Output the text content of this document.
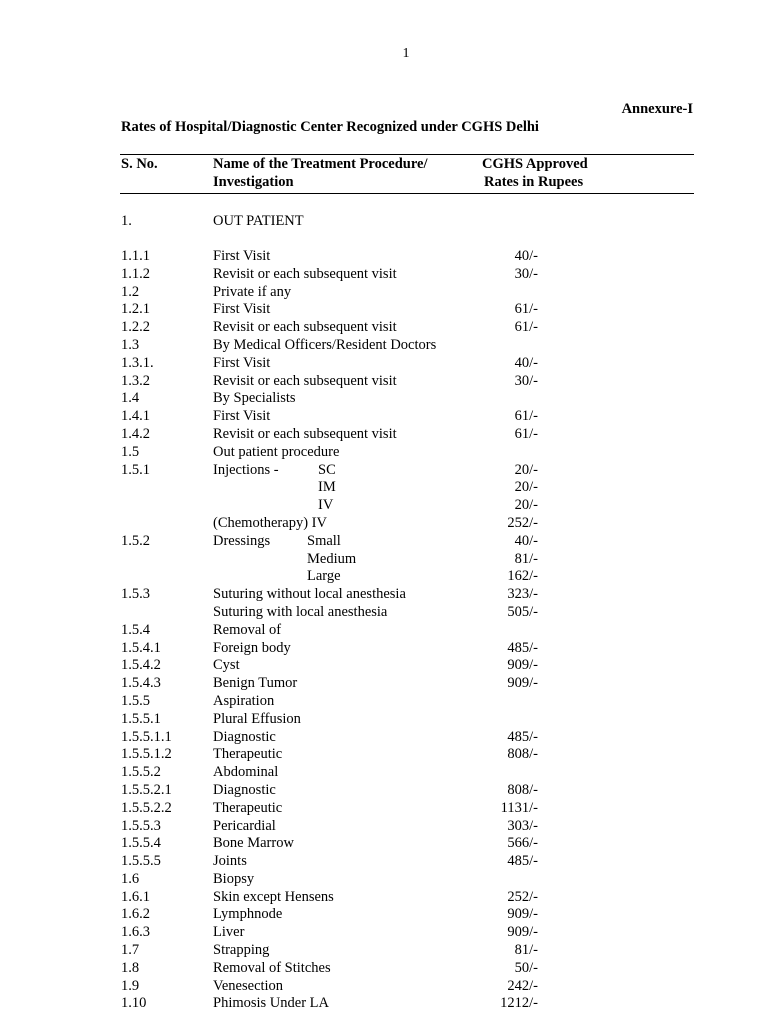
1
Annexure-I
Rates of Hospital/Diagnostic Center Recognized under CGHS Delhi
S. No.	Name of the Treatment Procedure/
Investigation
CGHS Approved
Rates in Rupees
1.	OUT PATIENT
1.1.1	First Visit	40/-
1.1.2	Revisit or each subsequent visit	30/-
1.2	Private if any
1.2.1	First Visit	61/-
1.2.2	Revisit or each subsequent visit	61/-
1.3	By Medical Officers/Resident Doctors
1.3.1.	First Visit	40/-
1.3.2	Revisit or each subsequent visit	30/-
1.4	By Specialists
1.4.1	First Visit	61/-
1.4.2	Revisit or each subsequent visit	61/-
1.5	Out patient procedure
1.5.1	Injections -	SC	20/-
IM	20/-
IV	20/-
(Chemotherapy) IV	252/-
1.5.2	Dressings	Small	40/-
Medium	81/-
Large	162/-
1.5.3	Suturing without local anesthesia	323/-
Suturing with local anesthesia	505/-
1.5.4	Removal of
1.5.4.1	Foreign body	485/-
1.5.4.2	Cyst	909/-
1.5.4.3	Benign Tumor	909/-
1.5.5	Aspiration
1.5.5.1	Plural Effusion
1.5.5.1.1	Diagnostic	485/-
1.5.5.1.2	Therapeutic	808/-
1.5.5.2	Abdominal
1.5.5.2.1	Diagnostic	808/-
1.5.5.2.2	Therapeutic	1131/-
1.5.5.3	Pericardial	303/-
1.5.5.4	Bone Marrow	566/-
1.5.5.5	Joints	485/-
1.6	Biopsy
1.6.1	Skin except Hensens	252/-
1.6.2	Lymphnode	909/-
1.6.3	Liver	909/-
1.7	Strapping	81/-
1.8	Removal of Stitches	50/-
1.9	Venesection	242/-
1.10	Phimosis Under LA	1212/-
